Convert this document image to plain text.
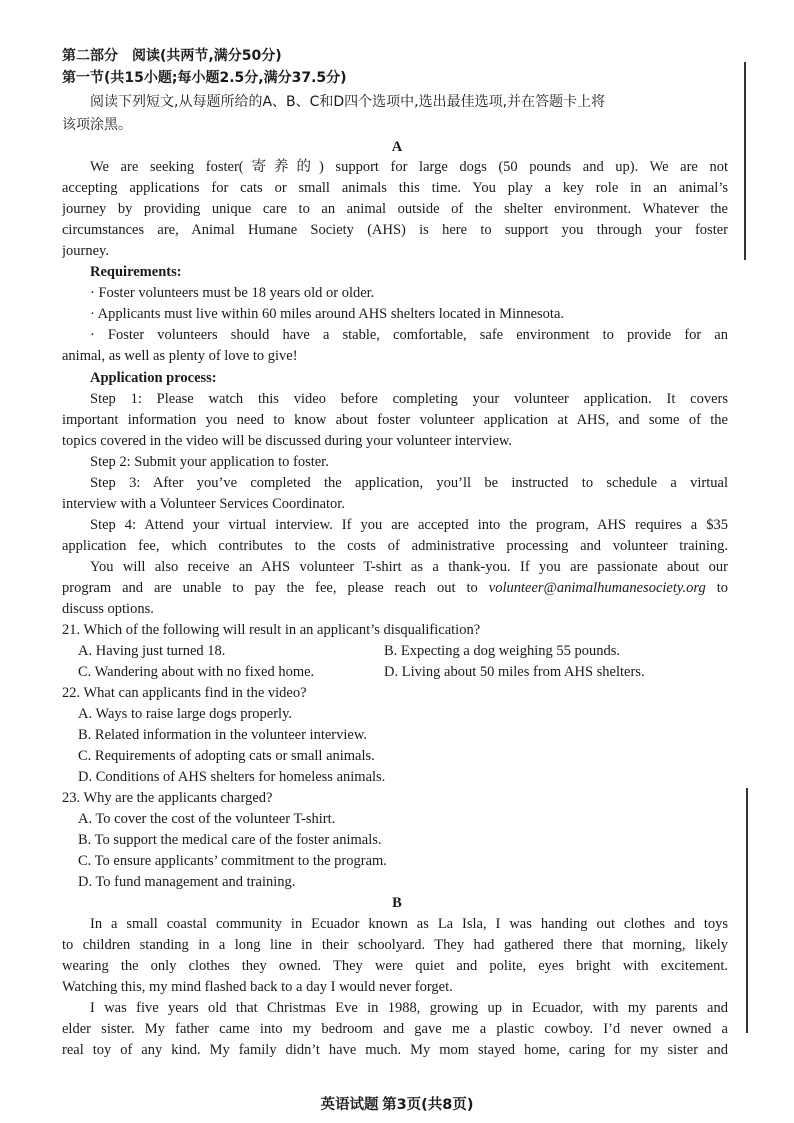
第二部分　阅读(共两节,满分50分)
第一节(共15小题;每小题2.5分,满分37.5分)
阅读下列短文,从每题所给的A、B、C和D四个选项中,选出最佳选项,并在答题卡上将
该项涂黑。
A
We are seeking foster(寄养的) support for large dogs (50 pounds and up). We are not
accepting applications for cats or small animals this time. You play a key role in an animal’s
journey by providing unique care to an animal outside of the shelter environment. Whatever the
circumstances are, Animal Humane Society (AHS) is here to support you through your foster
journey.
Requirements:
· Foster volunteers must be 18 years old or older.
· Applicants must live within 60 miles around AHS shelters located in Minnesota.
· Foster volunteers should have a stable, comfortable, safe environment to provide for an
animal, as well as plenty of love to give!
Application process:
Step 1: Please watch this video before completing your volunteer application. It covers
important information you need to know about foster volunteer application at AHS, and some of the
topics covered in the video will be discussed during your volunteer interview.
Step 2: Submit your application to foster.
Step 3: After you’ve completed the application, you’ll be instructed to schedule a virtual
interview with a Volunteer Services Coordinator.
Step 4: Attend your virtual interview. If you are accepted into the program, AHS requires a $35
application fee, which contributes to the costs of administrative processing and volunteer training.
You will also receive an AHS volunteer T-shirt as a thank-you. If you are passionate about our
program and are unable to pay the fee, please reach out to volunteer@animalhumanesociety.org to
discuss options.
21. Which of the following will result in an applicant’s disqualification?
A. Having just turned 18.	B. Expecting a dog weighing 55 pounds.
C. Wandering about with no fixed home.	D. Living about 50 miles from AHS shelters.
22. What can applicants find in the video?
A. Ways to raise large dogs properly.
B. Related information in the volunteer interview.
C. Requirements of adopting cats or small animals.
D. Conditions of AHS shelters for homeless animals.
23. Why are the applicants charged?
A. To cover the cost of the volunteer T-shirt.
B. To support the medical care of the foster animals.
C. To ensure applicants’ commitment to the program.
D. To fund management and training.
B
In a small coastal community in Ecuador known as La Isla, I was handing out clothes and toys
to children standing in a long line in their schoolyard. They had gathered there that morning, likely
wearing the only clothes they owned. They were quiet and polite, eyes bright with excitement.
Watching this, my mind flashed back to a day I would never forget.
I was five years old that Christmas Eve in 1988, growing up in Ecuador, with my parents and
elder sister. My father came into my bedroom and gave me a plastic cowboy. I’d never owned a
real toy of any kind. My family didn’t have much. My mom stayed home, caring for my sister and
英语试题 第3页(共8页)
